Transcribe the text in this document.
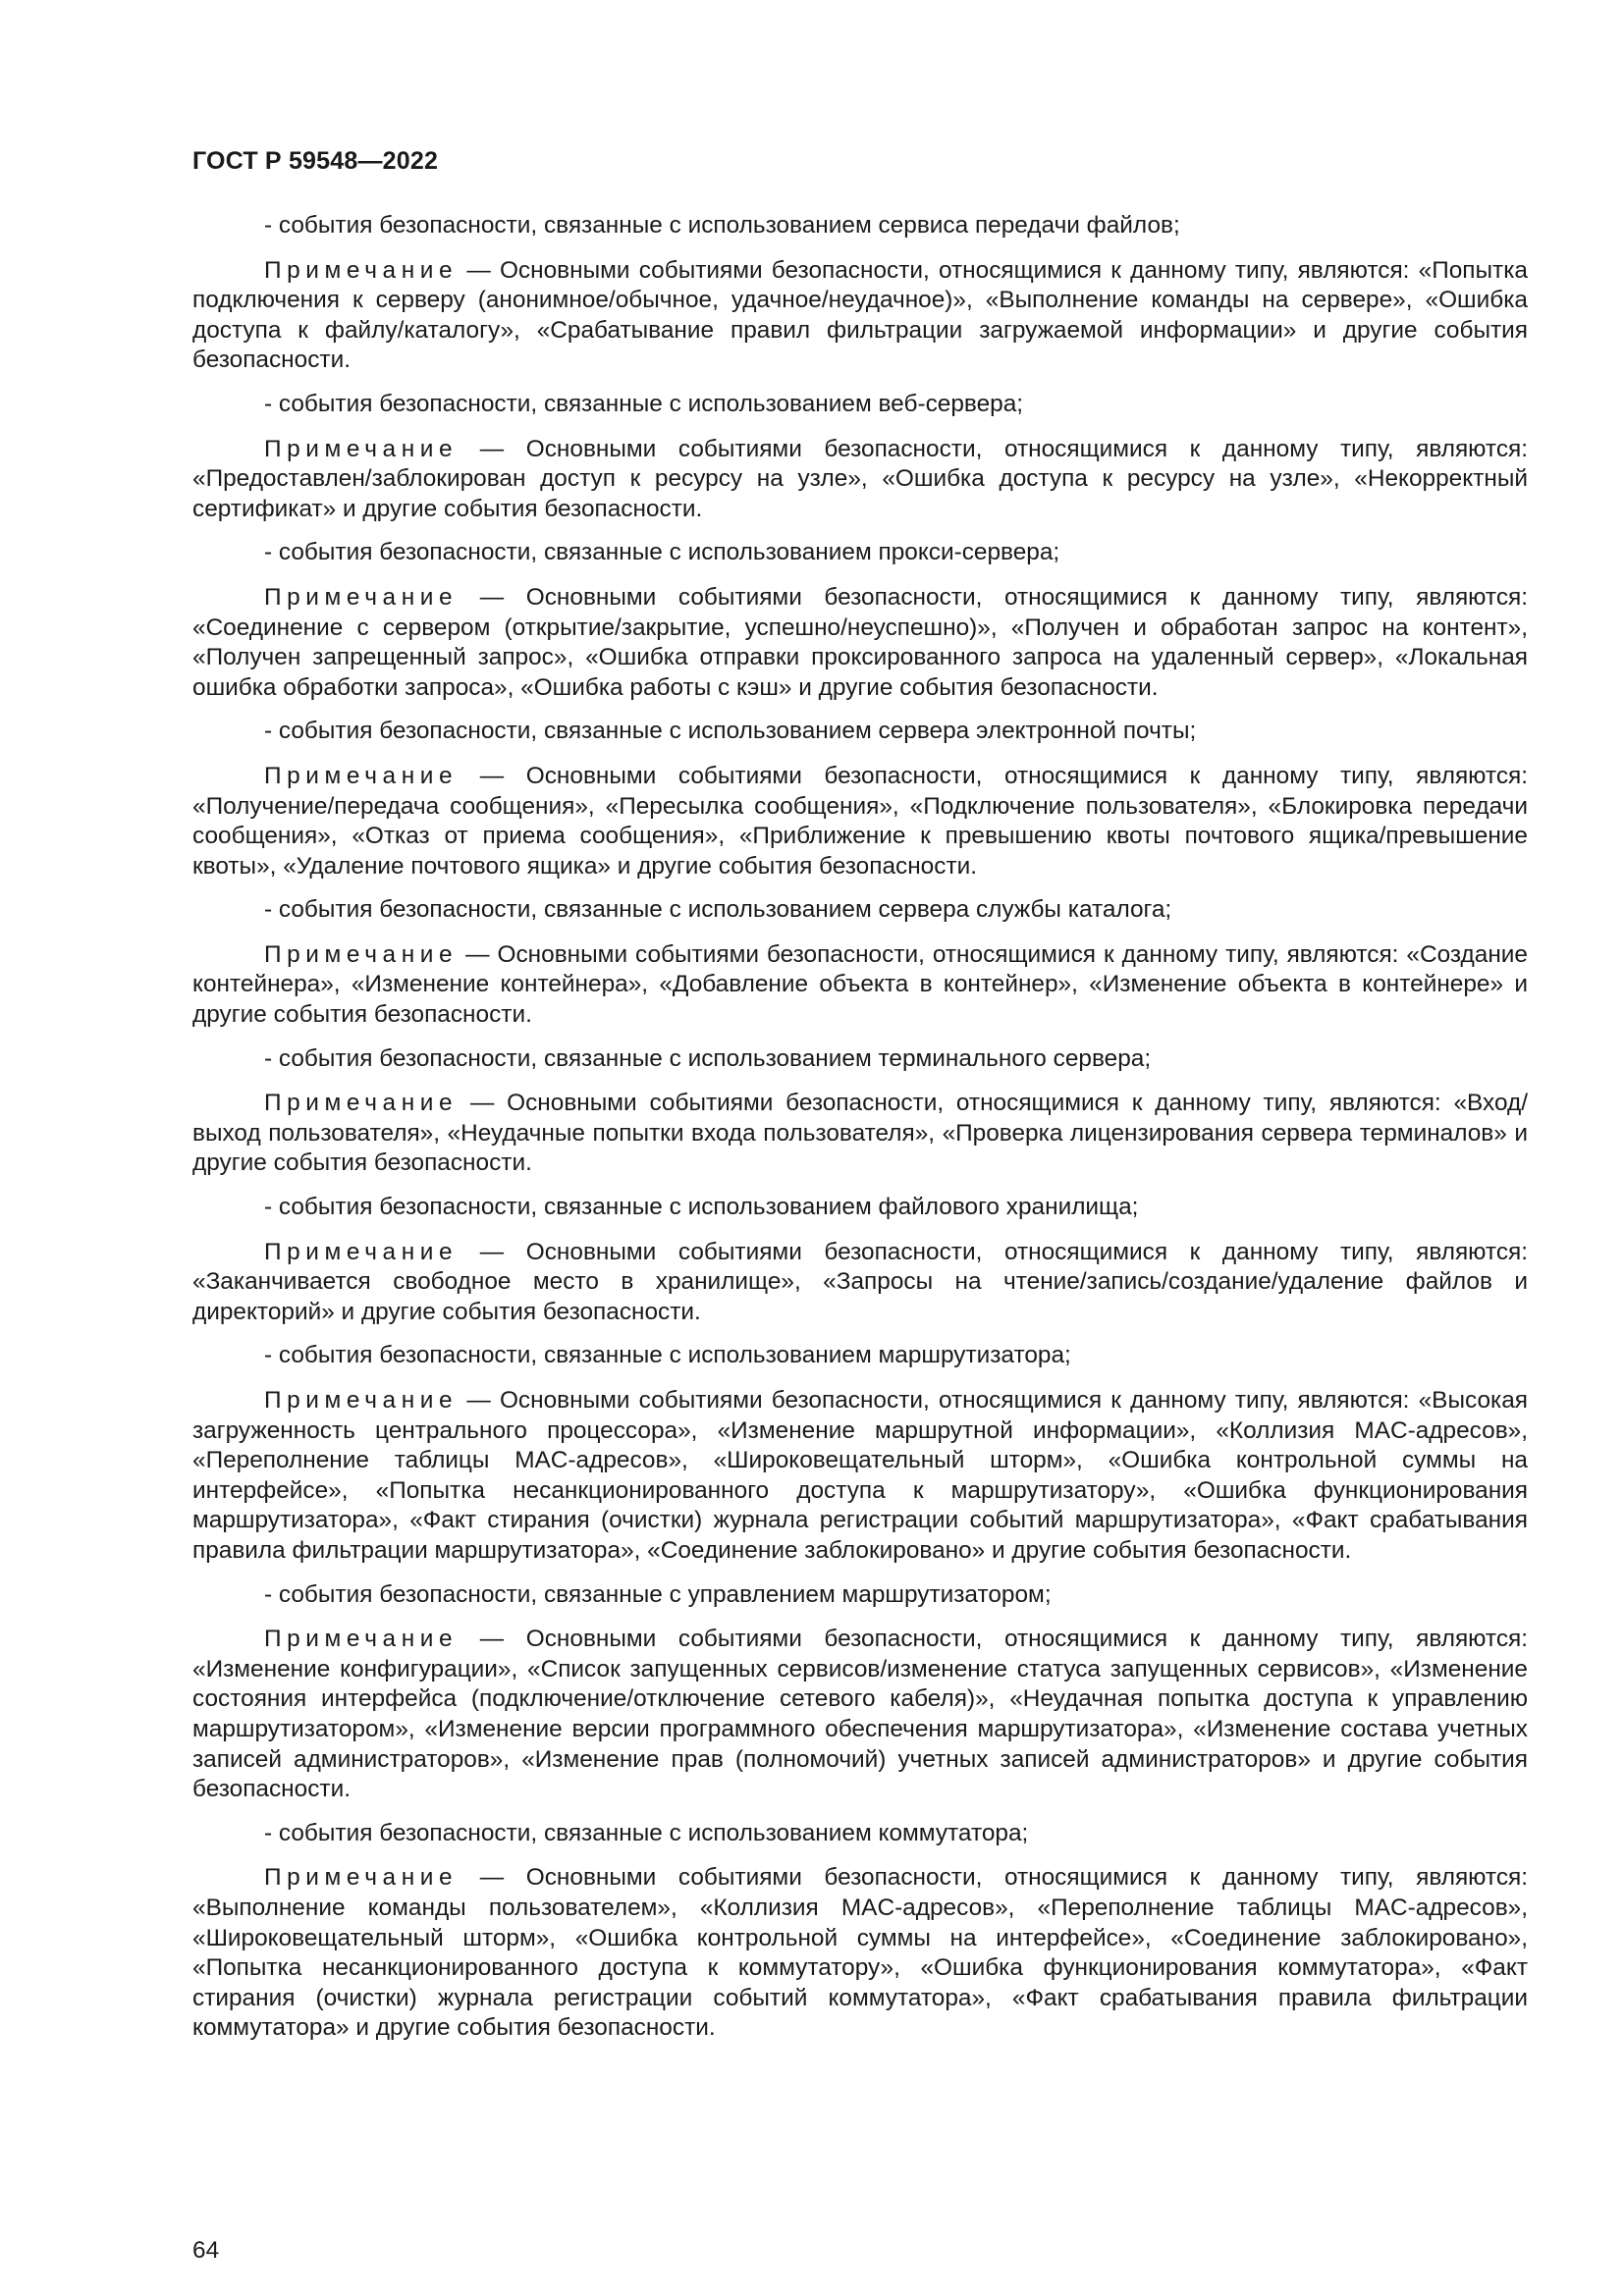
ГОСТ Р 59548—2022

- события безопасности, связанные с использованием сервиса передачи файлов;

Примечание — Основными событиями безопасности, относящимися к данному типу, являются: «Попытка подключения к серверу (анонимное/обычное, удачное/неудачное)», «Выполнение команды на сервере», «Ошибка доступа к файлу/каталогу», «Срабатывание правил фильтрации загружаемой информации» и другие события безопасности.

- события безопасности, связанные с использованием веб-сервера;

Примечание — Основными событиями безопасности, относящимися к данному типу, являются: «Предоставлен/заблокирован доступ к ресурсу на узле», «Ошибка доступа к ресурсу на узле», «Некорректный сертификат» и другие события безопасности.

- события безопасности, связанные с использованием прокси-сервера;

Примечание — Основными событиями безопасности, относящимися к данному типу, являются: «Соединение с сервером (открытие/закрытие, успешно/неуспешно)», «Получен и обработан запрос на контент», «Получен запрещенный запрос», «Ошибка отправки проксированного запроса на удаленный сервер», «Локальная ошибка обработки запроса», «Ошибка работы с кэш» и другие события безопасности.

- события безопасности, связанные с использованием сервера электронной почты;

Примечание — Основными событиями безопасности, относящимися к данному типу, являются: «Получение/передача сообщения», «Пересылка сообщения», «Подключение пользователя», «Блокировка передачи сообщения», «Отказ от приема сообщения», «Приближение к превышению квоты почтового ящика/превышение квоты», «Удаление почтового ящика» и другие события безопасности.

- события безопасности, связанные с использованием сервера службы каталога;

Примечание — Основными событиями безопасности, относящимися к данному типу, являются: «Создание контейнера», «Изменение контейнера», «Добавление объекта в контейнер», «Изменение объекта в контейнере» и другие события безопасности.

- события безопасности, связанные с использованием терминального сервера;

Примечание — Основными событиями безопасности, относящимися к данному типу, являются: «Вход/выход пользователя», «Неудачные попытки входа пользователя», «Проверка лицензирования сервера терминалов» и другие события безопасности.

- события безопасности, связанные с использованием файлового хранилища;

Примечание — Основными событиями безопасности, относящимися к данному типу, являются: «Заканчивается свободное место в хранилище», «Запросы на чтение/запись/создание/удаление файлов и директорий» и другие события безопасности.

- события безопасности, связанные с использованием маршрутизатора;

Примечание — Основными событиями безопасности, относящимися к данному типу, являются: «Высокая загруженность центрального процессора», «Изменение маршрутной информации», «Коллизия MAC-адресов», «Переполнение таблицы MAC-адресов», «Широковещательный шторм», «Ошибка контрольной суммы на интерфейсе», «Попытка несанкционированного доступа к маршрутизатору», «Ошибка функционирования маршрутизатора», «Факт стирания (очистки) журнала регистрации событий маршрутизатора», «Факт срабатывания правила фильтрации маршрутизатора», «Соединение заблокировано» и другие события безопасности.

- события безопасности, связанные с управлением маршрутизатором;

Примечание — Основными событиями безопасности, относящимися к данному типу, являются: «Изменение конфигурации», «Список запущенных сервисов/изменение статуса запущенных сервисов», «Изменение состояния интерфейса (подключение/отключение сетевого кабеля)», «Неудачная попытка доступа к управлению маршрутизатором», «Изменение версии программного обеспечения маршрутизатора», «Изменение состава учетных записей администраторов», «Изменение прав (полномочий) учетных записей администраторов» и другие события безопасности.

- события безопасности, связанные с использованием коммутатора;

Примечание — Основными событиями безопасности, относящимися к данному типу, являются: «Выполнение команды пользователем», «Коллизия MAC-адресов», «Переполнение таблицы MAC-адресов», «Широковещательный шторм», «Ошибка контрольной суммы на интерфейсе», «Соединение заблокировано», «Попытка несанкционированного доступа к коммутатору», «Ошибка функционирования коммутатора», «Факт стирания (очистки) журнала регистрации событий коммутатора», «Факт срабатывания правила фильтрации коммутатора» и другие события безопасности.

64
